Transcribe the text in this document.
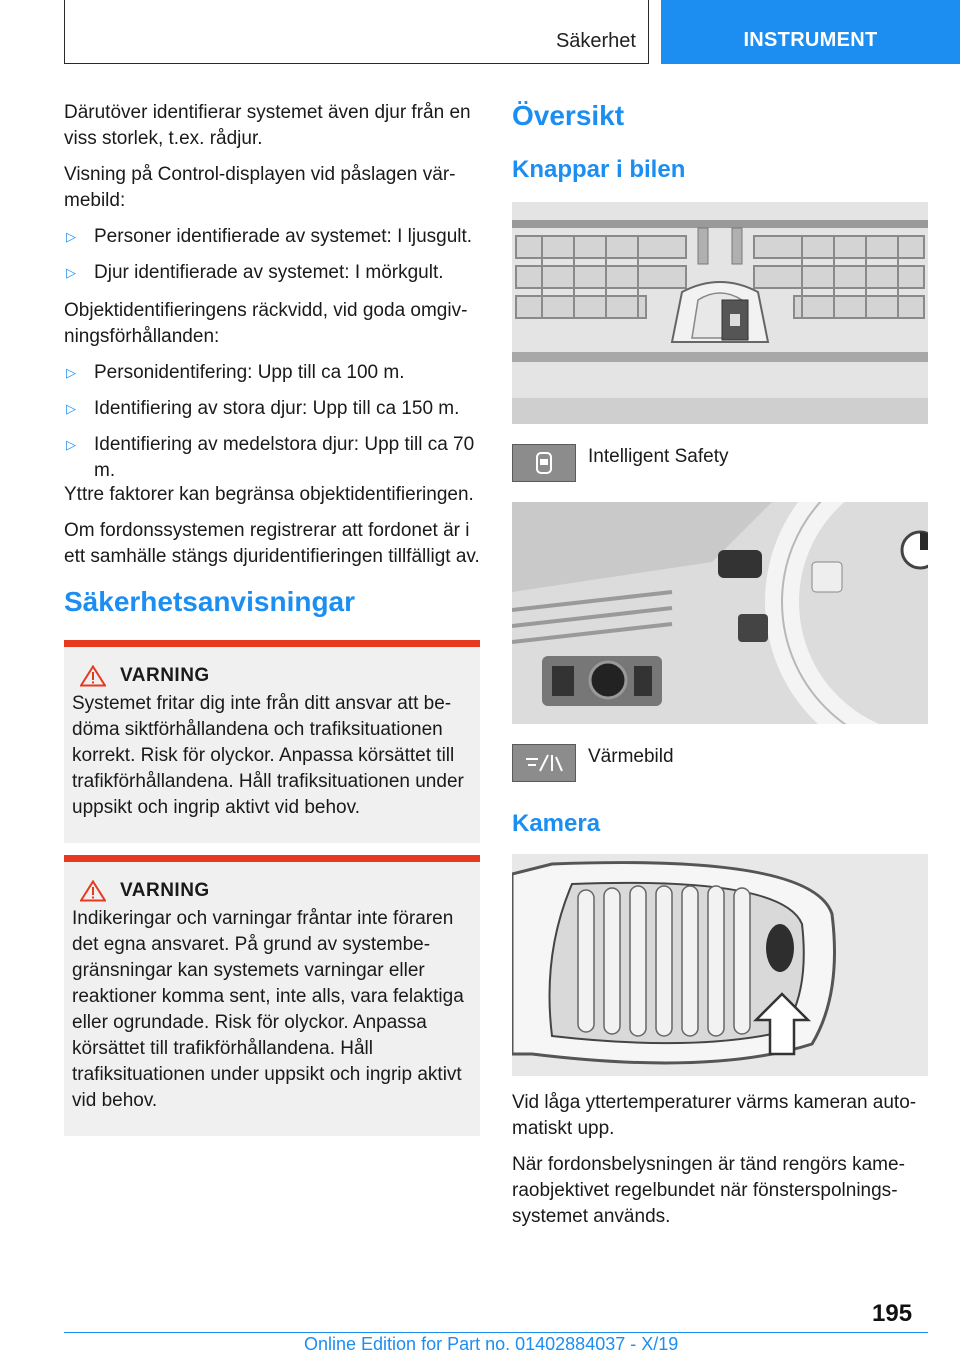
Säkerhet	INSTRUMENT

Därutöver identifierar systemet även djur från en viss storlek, t.ex. rådjur.

Visning på Control-displayen vid påslagen värmebild:

▷ Personer identifierade av systemet: I ljusgult.
▷ Djur identifierade av systemet: I mörkgult.

Objektidentifieringens räckvidd, vid goda omgivningsförhållanden:

▷ Personidentifering: Upp till ca 100 m.
▷ Identifiering av stora djur: Upp till ca 150 m.
▷ Identifiering av medelstora djur: Upp till ca 70 m.

Yttre faktorer kan begränsa objektidentifieringen.

Om fordonssystemen registrerar att fordonet är i ett samhälle stängs djuridentifieringen tillfälligt av.

Säkerhetsanvisningar
VARNING
Systemet fritar dig inte från ditt ansvar att bedöma siktförhållandena och trafiksituationen korrekt. Risk för olyckor. Anpassa körsättet till trafikförhållandena. Håll trafiksituationen under uppsikt och ingrip aktivt vid behov.
VARNING
Indikeringar och varningar fråntar inte föraren det egna ansvaret. På grund av systembegränsningar kan systemets varningar eller reaktioner komma sent, inte alls, vara felaktiga eller ogrundade. Risk för olyckor. Anpassa körsättet till trafikförhållandena. Håll trafiksituationen under uppsikt och ingrip aktivt vid behov.
Översikt
Knappar i bilen
Intelligent Safety
Värmebild
Kamera

Vid låga yttertemperaturer värms kameran automatiskt upp.

När fordonsbelysningen är tänd rengörs kameraobjektivet regelbundet när fönsterspolningssystemet används.

195
Online Edition for Part no. 01402884037 - X/19
